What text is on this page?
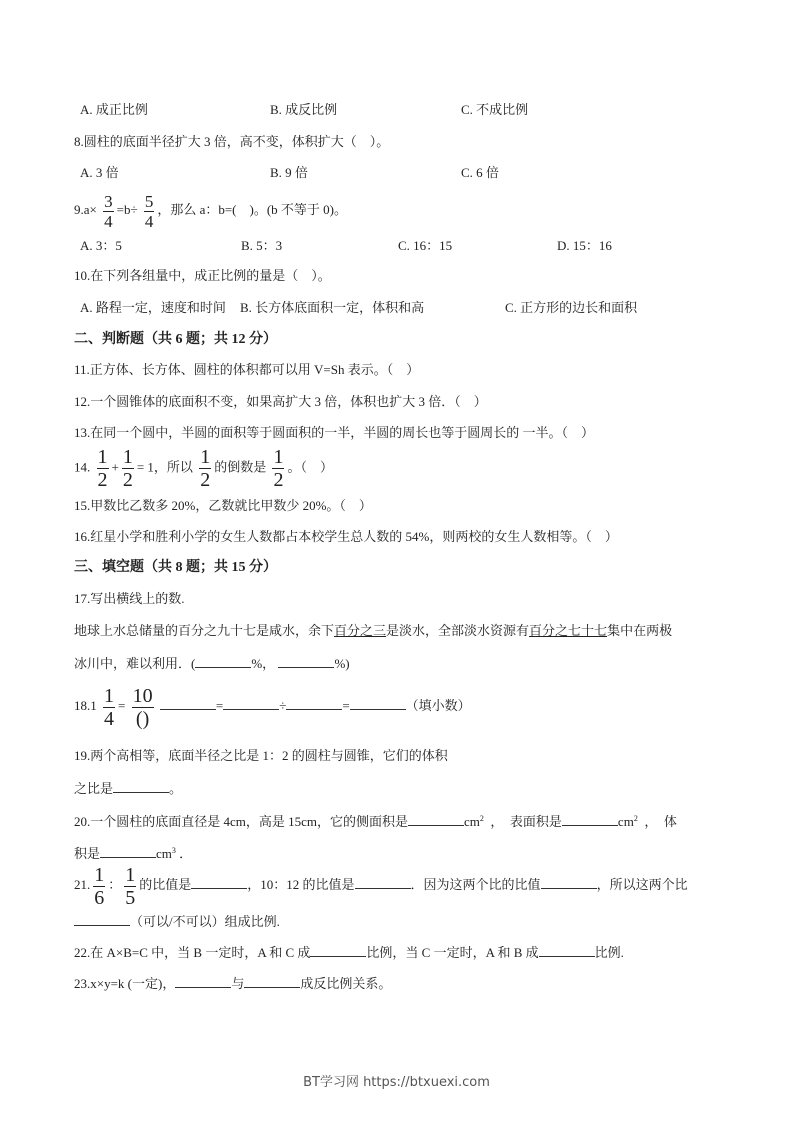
A. 成正比例	B. 成反比例	C. 不成比例
8.圆柱的底面半径扩大 3 倍，高不变，体积扩大（　）。
A. 3 倍	B. 9 倍	C. 6 倍
$9.a\times \frac{3}{4} =b\div \frac{5}{4}$ ，那么 a：b=(　)。(b 不等于 0)。
A. 3：5	B. 5：3	C. 16：15	D. 15：16
10.在下列各组量中，成正比例的量是（　）。
A. 路程一定，速度和时间 B. 长方体底面积一定，体积和高	C. 正方形的边长和面积
二、判断题（共 6 题；共 12 分）
11.正方体、长方体、圆柱的体积都可以用 V=Sh 表示。（　）
12.一个圆锥体的底面积不变，如果高扩大 3 倍，体积也扩大 3 倍．（　）
13.在同一个圆中，半圆的面积等于圆面积的一半，半圆的周长也等于圆周长的 一半。（　）
14. $\frac{1}{2} + \frac{1}{2} = 1$，所以 $\frac{1}{2}$ 的倒数是 $\frac{1}{2}$ 。（　）
15.甲数比乙数多 20%，乙数就比甲数少 20%。（　）
16.红星小学和胜利小学的女生人数都占本校学生总人数的 54%，则两校的女生人数相等。（　）
三、填空题（共 8 题；共 15 分）
17.写出横线上的数.
地球上水总储量的百分之九十七是咸水，余下百分之三是淡水，全部淡水资源有百分之七十七集中在两极
冰川中，难以利用．(	%，	%)
$18.1 \frac{1}{4} = \frac{10}{()}$	=	÷	=	（填小数）
19.两个高相等，底面半径之比是 1：2 的圆柱与圆锥，它们的体积
之比是	。
20.一个圆柱的底面直径是 4cm，高是 15cm，它的侧面积是	$cm^2$ ，　表面积是	$cm^2$ ，　体
积是	$cm^3$ ．
21. $\frac{1}{6}$ ： $\frac{1}{5}$ 的比值是	，10：12 的比值是	．因为这两个比的比值	，所以这两个比
（可以/不可以）组成比例.
22.在 A×B=C 中，当 B 一定时，A 和 C 成	比例，当 C 一定时，A 和 B 成	比例.
23.x×y=k (一定)，	与	成反比例关系。
BT学习网 https://btxuexi.com
